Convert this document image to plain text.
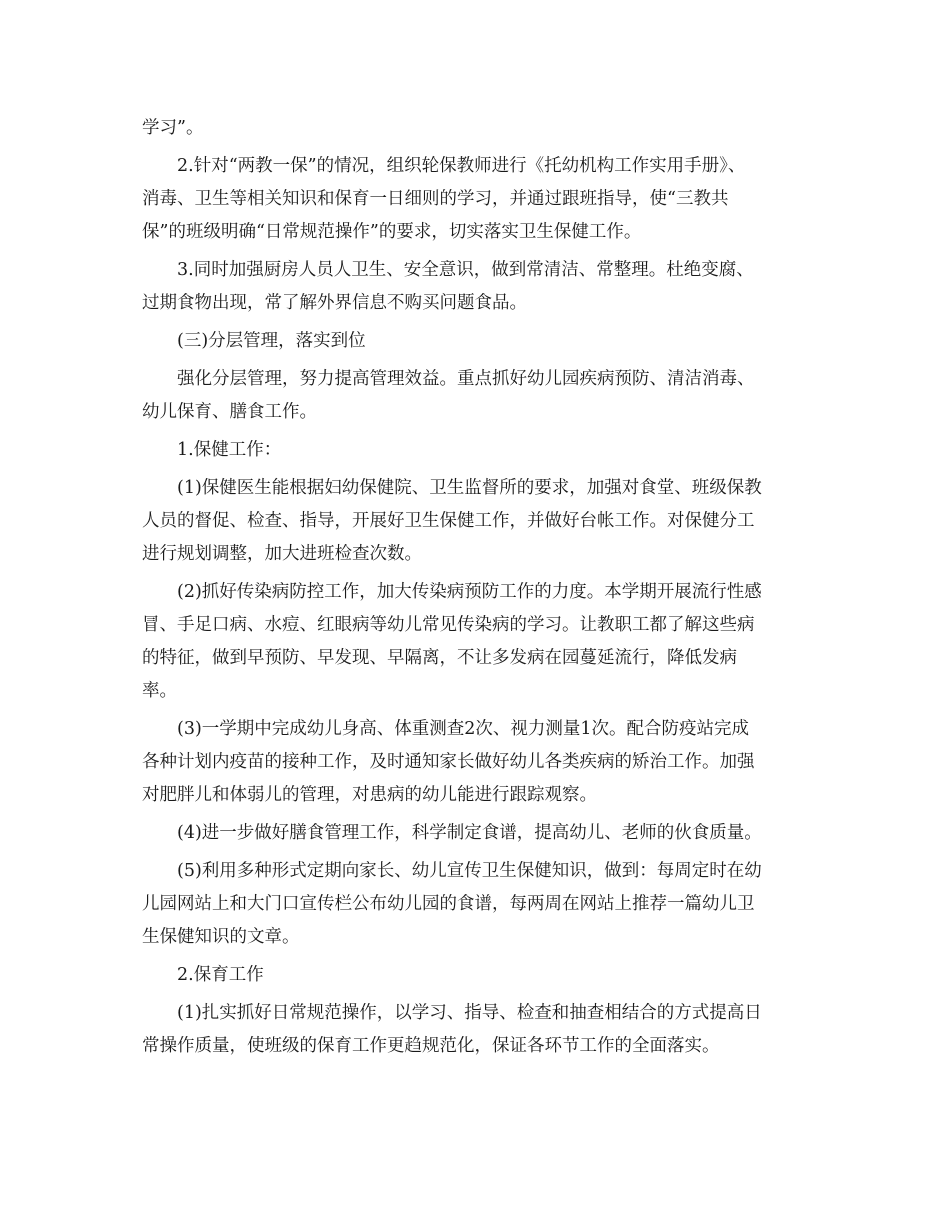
学习”。

2.针对“两教一保”的情况，组织轮保教师进行《托幼机构工作实用手册》、
消毒、卫生等相关知识和保育一日细则的学习，并通过跟班指导，使“三教共
保”的班级明确“日常规范操作”的要求，切实落实卫生保健工作。

3.同时加强厨房人员人卫生、安全意识，做到常清洁、常整理。杜绝变腐、
过期食物出现，常了解外界信息不购买问题食品。

(三)分层管理，落实到位

强化分层管理，努力提高管理效益。重点抓好幼儿园疾病预防、清洁消毒、
幼儿保育、膳食工作。

1.保健工作：

(1)保健医生能根据妇幼保健院、卫生监督所的要求，加强对食堂、班级保教
人员的督促、检查、指导，开展好卫生保健工作，并做好台帐工作。对保健分工
进行规划调整，加大进班检查次数。

(2)抓好传染病防控工作，加大传染病预防工作的力度。本学期开展流行性感
冒、手足口病、水痘、红眼病等幼儿常见传染病的学习。让教职工都了解这些病
的特征，做到早预防、早发现、早隔离，不让多发病在园蔓延流行，降低发病
率。

(3)一学期中完成幼儿身高、体重测查2次、视力测量1次。配合防疫站完成
各种计划内疫苗的接种工作，及时通知家长做好幼儿各类疾病的矫治工作。加强
对肥胖儿和体弱儿的管理，对患病的幼儿能进行跟踪观察。

(4)进一步做好膳食管理工作，科学制定食谱，提高幼儿、老师的伙食质量。

(5)利用多种形式定期向家长、幼儿宣传卫生保健知识，做到：每周定时在幼
儿园网站上和大门口宣传栏公布幼儿园的食谱，每两周在网站上推荐一篇幼儿卫
生保健知识的文章。

2.保育工作

(1)扎实抓好日常规范操作，以学习、指导、检查和抽查相结合的方式提高日
常操作质量，使班级的保育工作更趋规范化，保证各环节工作的全面落实。
